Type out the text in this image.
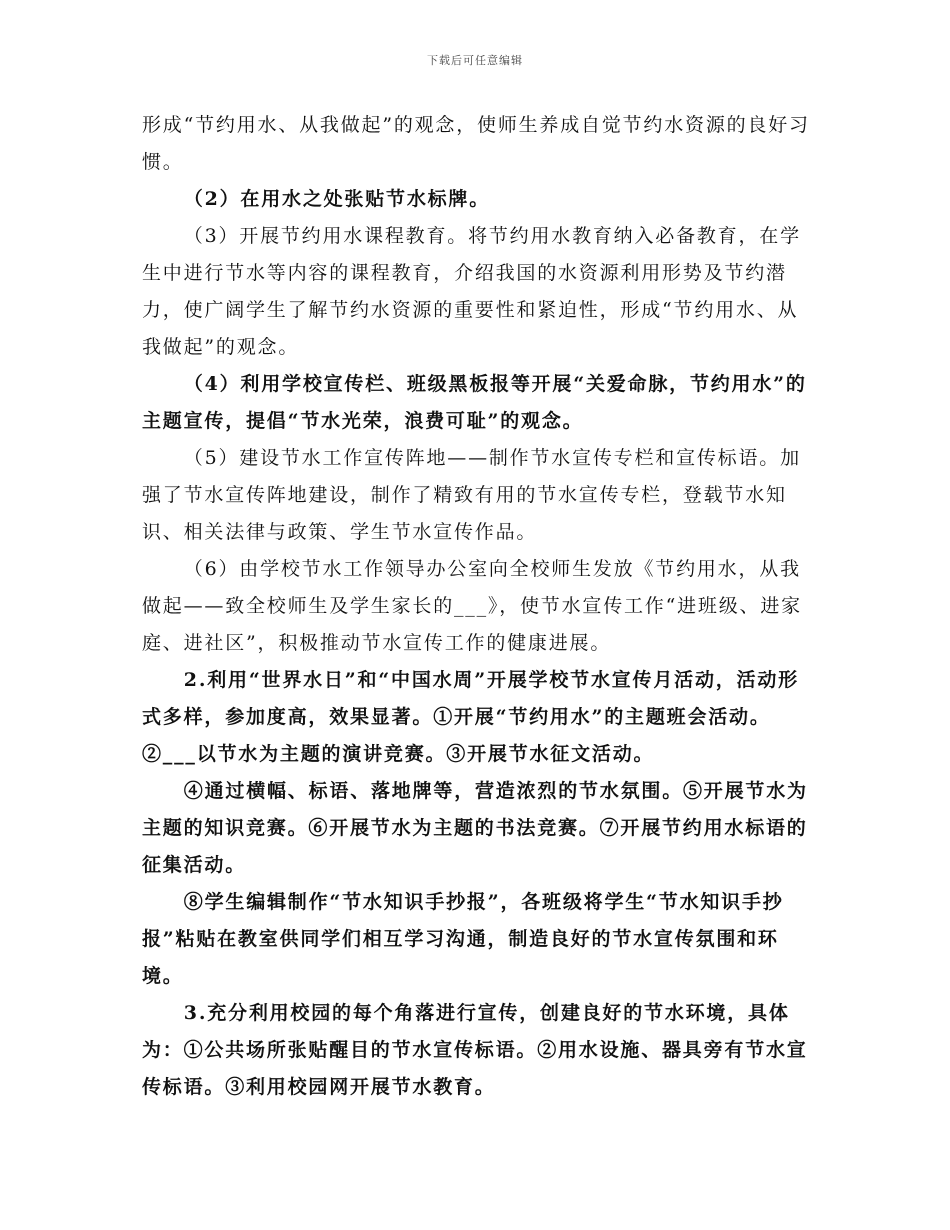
下载后可任意编辑

形成“节约用水、从我做起”的观念，使师生养成自觉节约水资源的良好习惯。

（2）在用水之处张贴节水标牌。

（3）开展节约用水课程教育。将节约用水教育纳入必备教育，在学生中进行节水等内容的课程教育，介绍我国的水资源利用形势及节约潜力，使广阔学生了解节约水资源的重要性和紧迫性，形成“节约用水、从我做起”的观念。

（4）利用学校宣传栏、班级黑板报等开展“关爱命脉，节约用水”的主题宣传，提倡“节水光荣，浪费可耻”的观念。

（5）建设节水工作宣传阵地——制作节水宣传专栏和宣传标语。加强了节水宣传阵地建设，制作了精致有用的节水宣传专栏，登载节水知识、相关法律与政策、学生节水宣传作品。

（6）由学校节水工作领导办公室向全校师生发放《节约用水，从我做起——致全校师生及学生家长的___》，使节水宣传工作“进班级、进家庭、进社区”，积极推动节水宣传工作的健康进展。

2.利用“世界水日”和“中国水周”开展学校节水宣传月活动，活动形式多样，参加度高，效果显著。①开展“节约用水”的主题班会活动。②___以节水为主题的演讲竞赛。③开展节水征文活动。

④通过横幅、标语、落地牌等，营造浓烈的节水氛围。⑤开展节水为主题的知识竞赛。⑥开展节水为主题的书法竞赛。⑦开展节约用水标语的征集活动。

⑧学生编辑制作“节水知识手抄报”，各班级将学生“节水知识手抄报”粘贴在教室供同学们相互学习沟通，制造良好的节水宣传氛围和环境。

3.充分利用校园的每个角落进行宣传，创建良好的节水环境，具体为：①公共场所张贴醒目的节水宣传标语。②用水设施、器具旁有节水宣传标语。③利用校园网开展节水教育。
